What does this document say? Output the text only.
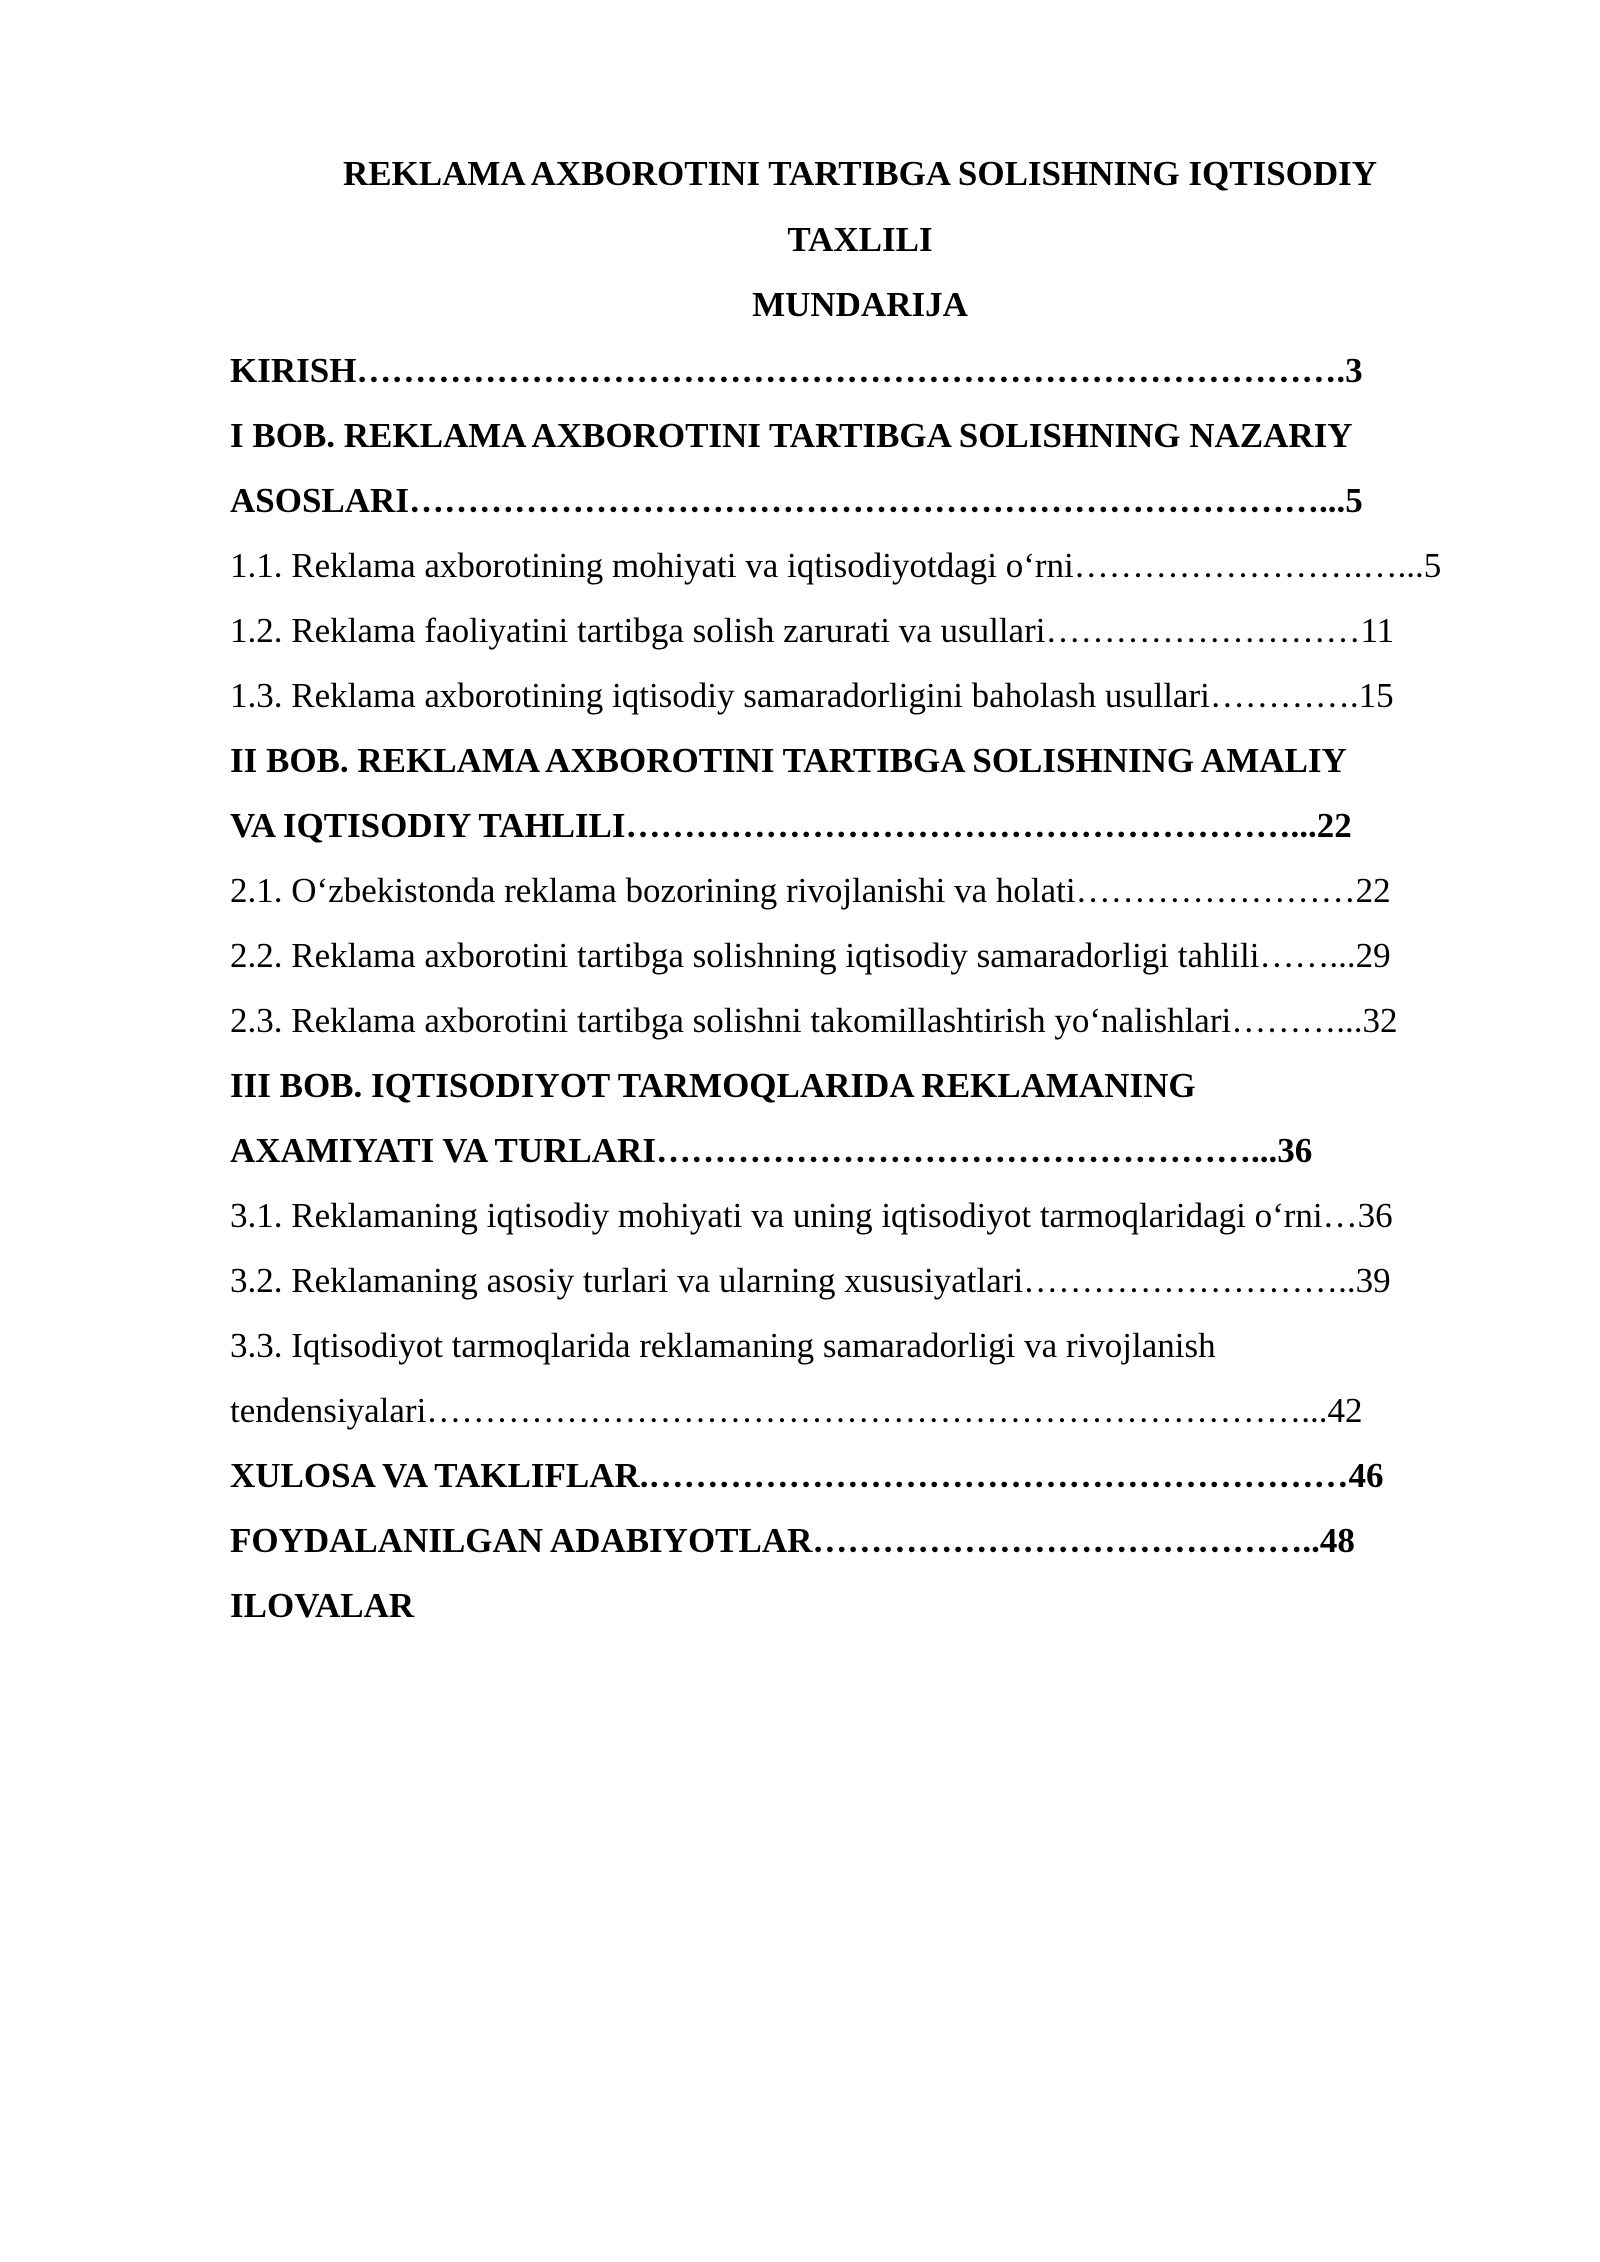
REKLAMA AXBOROTINI TARTIBGA SOLISHNING IQTISODIY
TAXLILI
MUNDARIJA
KIRISH………………………………………………………………………….3
I BOB. REKLAMA AXBOROTINI TARTIBGA SOLISHNING NAZARIY
ASOSLARI……………………………………………………………………...5
1.1. Reklama axborotining mohiyati va iqtisodiyotdagi o‘rni…………………….…...5
1.2. Reklama faoliyatini tartibga solish zarurati va usullari………………………11
1.3. Reklama axborotining iqtisodiy samaradorligini baholash usullari………….15
II BOB. REKLAMA AXBOROTINI TARTIBGA SOLISHNING AMALIY
VA IQTISODIY TAHLILI…………………………………………………...22
2.1. O‘zbekistonda reklama bozorining rivojlanishi va holati……………………22
2.2. Reklama axborotini tartibga solishning iqtisodiy samaradorligi tahlili……...29
2.3. Reklama axborotini tartibga solishni takomillashtirish yo‘nalishlari………...32
III BOB. IQTISODIYOT TARMOQLARIDA REKLAMANING
AXAMIYATI VA TURLARI……………………………………………...36
3.1. Reklamaning iqtisodiy mohiyati va uning iqtisodiyot tarmoqlaridagi o‘rni…36
3.2. Reklamaning asosiy turlari va ularning xususiyatlari………………………..39
3.3. Iqtisodiyot tarmoqlarida reklamaning samaradorligi va rivojlanish
tendensiyalari…………………………………………………………………...42
XULOSA VA TAKLIFLAR.……………………………………………………46
FOYDALANILGAN ADABIYOTLAR……………………………………..48
ILOVALAR
